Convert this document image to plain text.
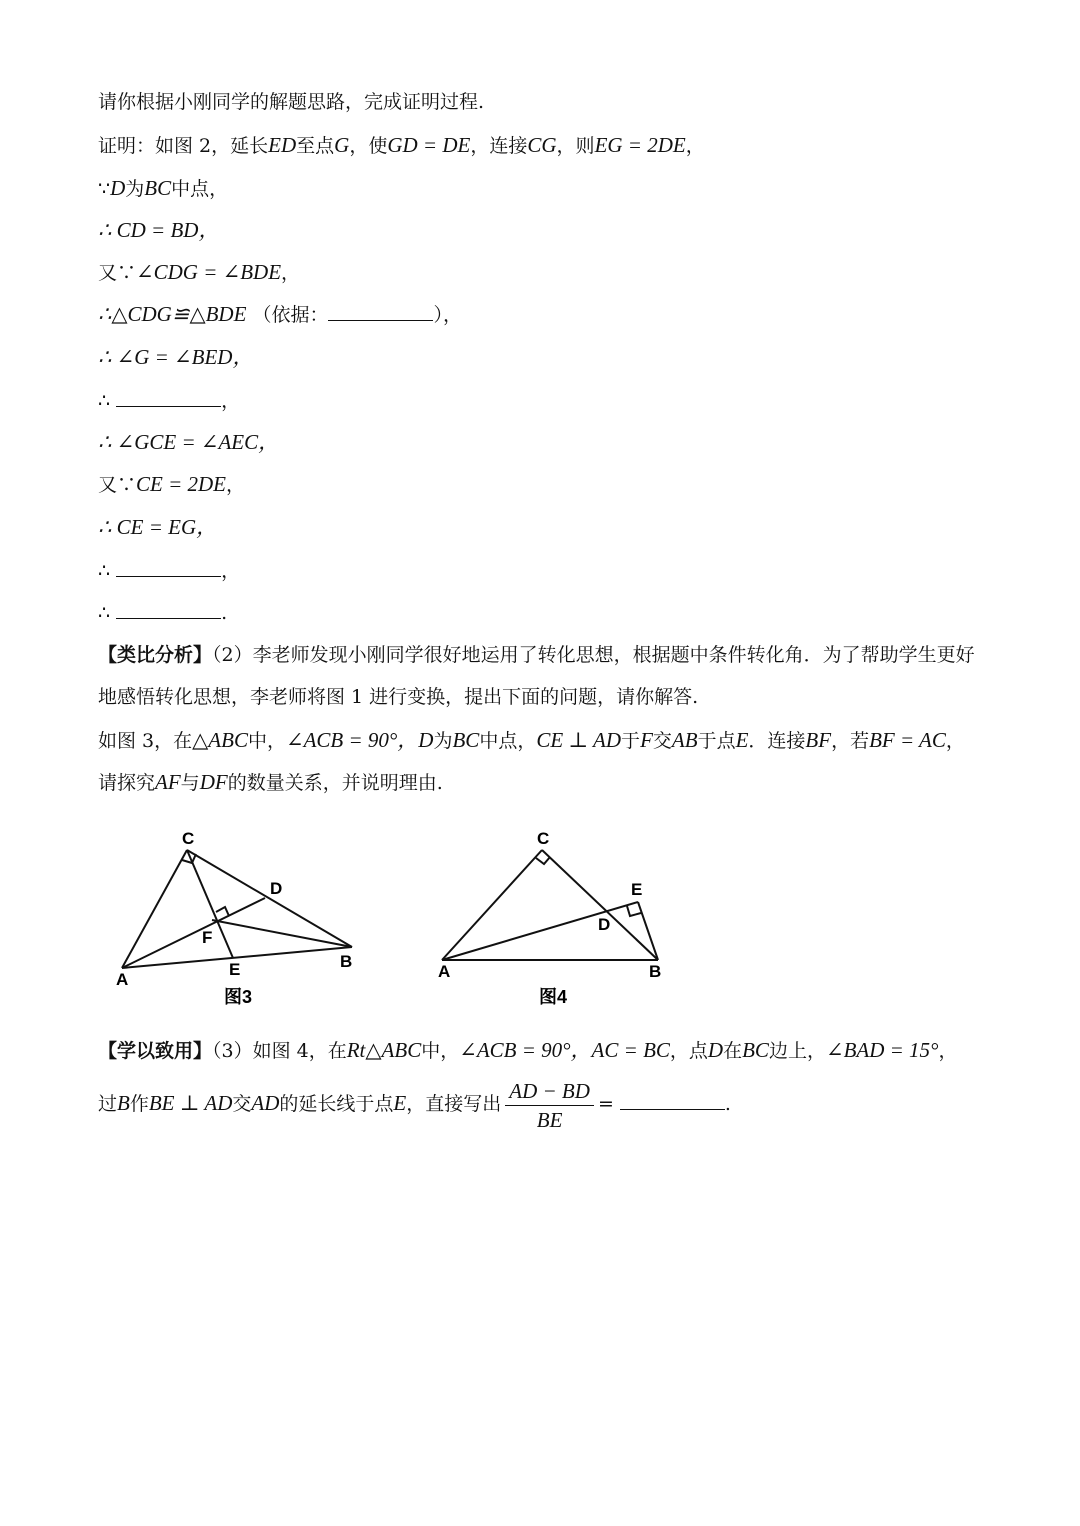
请你根据小刚同学的解题思路，完成证明过程.
证明：如图 2，延长ED至点G，使GD = DE，连接CG，则EG = 2DE，
∵D为BC中点，
∴ CD = BD，
又∵∠CDG = ∠BDE，
∴△CDG≌△BDE （依据：	），
∴ ∠G = ∠BED，
∴	，
∴ ∠GCE = ∠AEC，
又∵CE = 2DE，
∴ CE = EG，
∴	，
∴	.
【类比分析】（2）李老师发现小刚同学很好地运用了转化思想，根据题中条件转化角．为了帮助学生更好
地感悟转化思想，李老师将图 1 进行变换，提出下面的问题，请你解答.
如图 3，在△ABC中，∠ACB = 90°，D为BC中点，CE ⊥ AD于F交AB于点E．连接BF，若BF = AC，
请探究AF与DF的数量关系，并说明理由.
C
D
F
A
E	B
图3
C
E
D
A	B
图4
【学以致用】（3）如图 4，在Rt△ABC中，∠ACB = 90°，AC = BC，点D在BC边上，∠BAD = 15°，
过B作BE ⊥ AD交AD的延长线于点E，直接写出 $\frac{AD - BD}{BE}$ =	.
